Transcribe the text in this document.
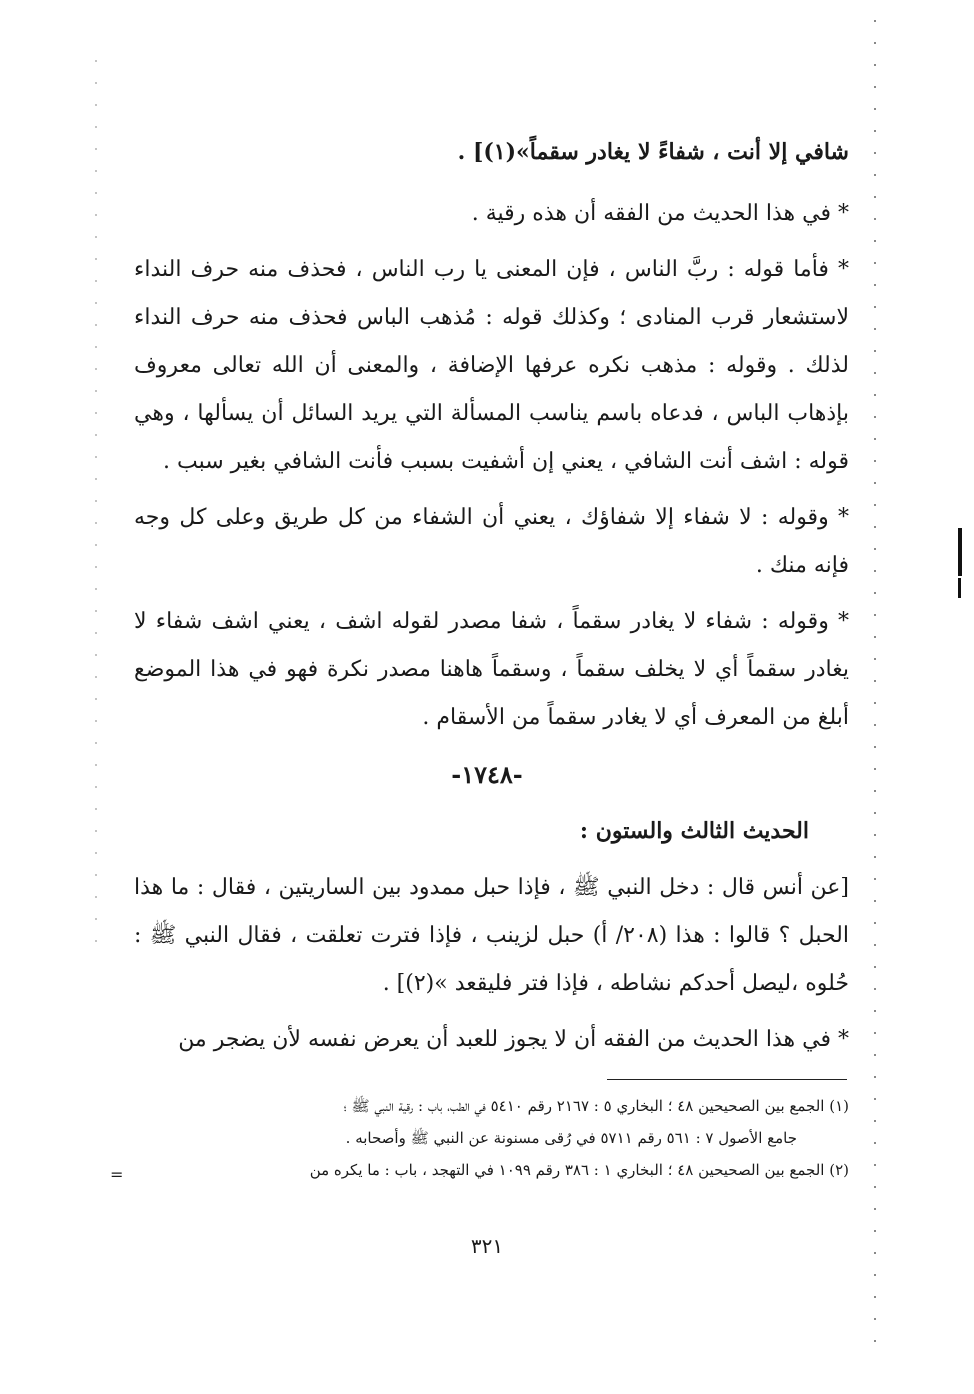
شافي إلا أنت ، شفاءً لا يغادر سقماً»(١)] .

* في هذا الحديث من الفقه أن هذه رقية .

* فأما قوله : ربَّ الناس ، فإن المعنى يا رب الناس ، فحذف منه حرف النداء لاستشعار قرب المنادى ؛ وكذلك قوله : مُذهب الباس فحذف منه حرف النداء لذلك . وقوله : مذهب نكره عرفها الإضافة ، والمعنى أن الله تعالى معروف بإذهاب الباس ، فدعاه باسم يناسب المسألة التي يريد السائل أن يسألها ، وهي قوله : اشف أنت الشافي ، يعني إن أشفيت بسبب فأنت الشافي بغير سبب .

* وقوله : لا شفاء إلا شفاؤك ، يعني أن الشفاء من كل طريق وعلى كل وجه فإنه منك .

* وقوله : شفاء لا يغادر سقماً ، شفا مصدر لقوله اشف ، يعني اشف شفاء لا يغادر سقماً أي لا يخلف سقماً ، وسقماً هاهنا مصدر نكرة فهو في هذا الموضع أبلغ من المعرف أي لا يغادر سقماً من الأسقام .

-١٧٤٨-

الحديث الثالث والستون :

[عن أنس قال : دخل النبي ﷺ ، فإذا حبل ممدود بين الساريتين ، فقال : ما هذا الحبل ؟ قالوا : هذا (٢٠٨/ أ) حبل لزينب ، فإذا فترت تعلقت ، فقال النبي ﷺ : حُلوه ،ليصل أحدكم نشاطه ، فإذا فتر فليقعد »(٢)] .

* في هذا الحديث من الفقه أن لا يجوز للعبد أن يعرض نفسه لأن يضجر من

(١) الجمع بين الصحيحين ٤٨ ؛ البخاري ٥ : ٢١٦٧ رقم ٥٤١٠ في الطب، باب : رقية النبي ﷺ ؛

جامع الأصول ٧ : ٥٦١ رقم ٥٧١١ في رُقى مسنونة عن النبي ﷺ وأصحابه .

(٢) الجمع بين الصحيحين ٤٨ ؛ البخاري ١ : ٣٨٦ رقم ١٠٩٩ في التهجد ، باب : ما يكره من

=

٣٢١
